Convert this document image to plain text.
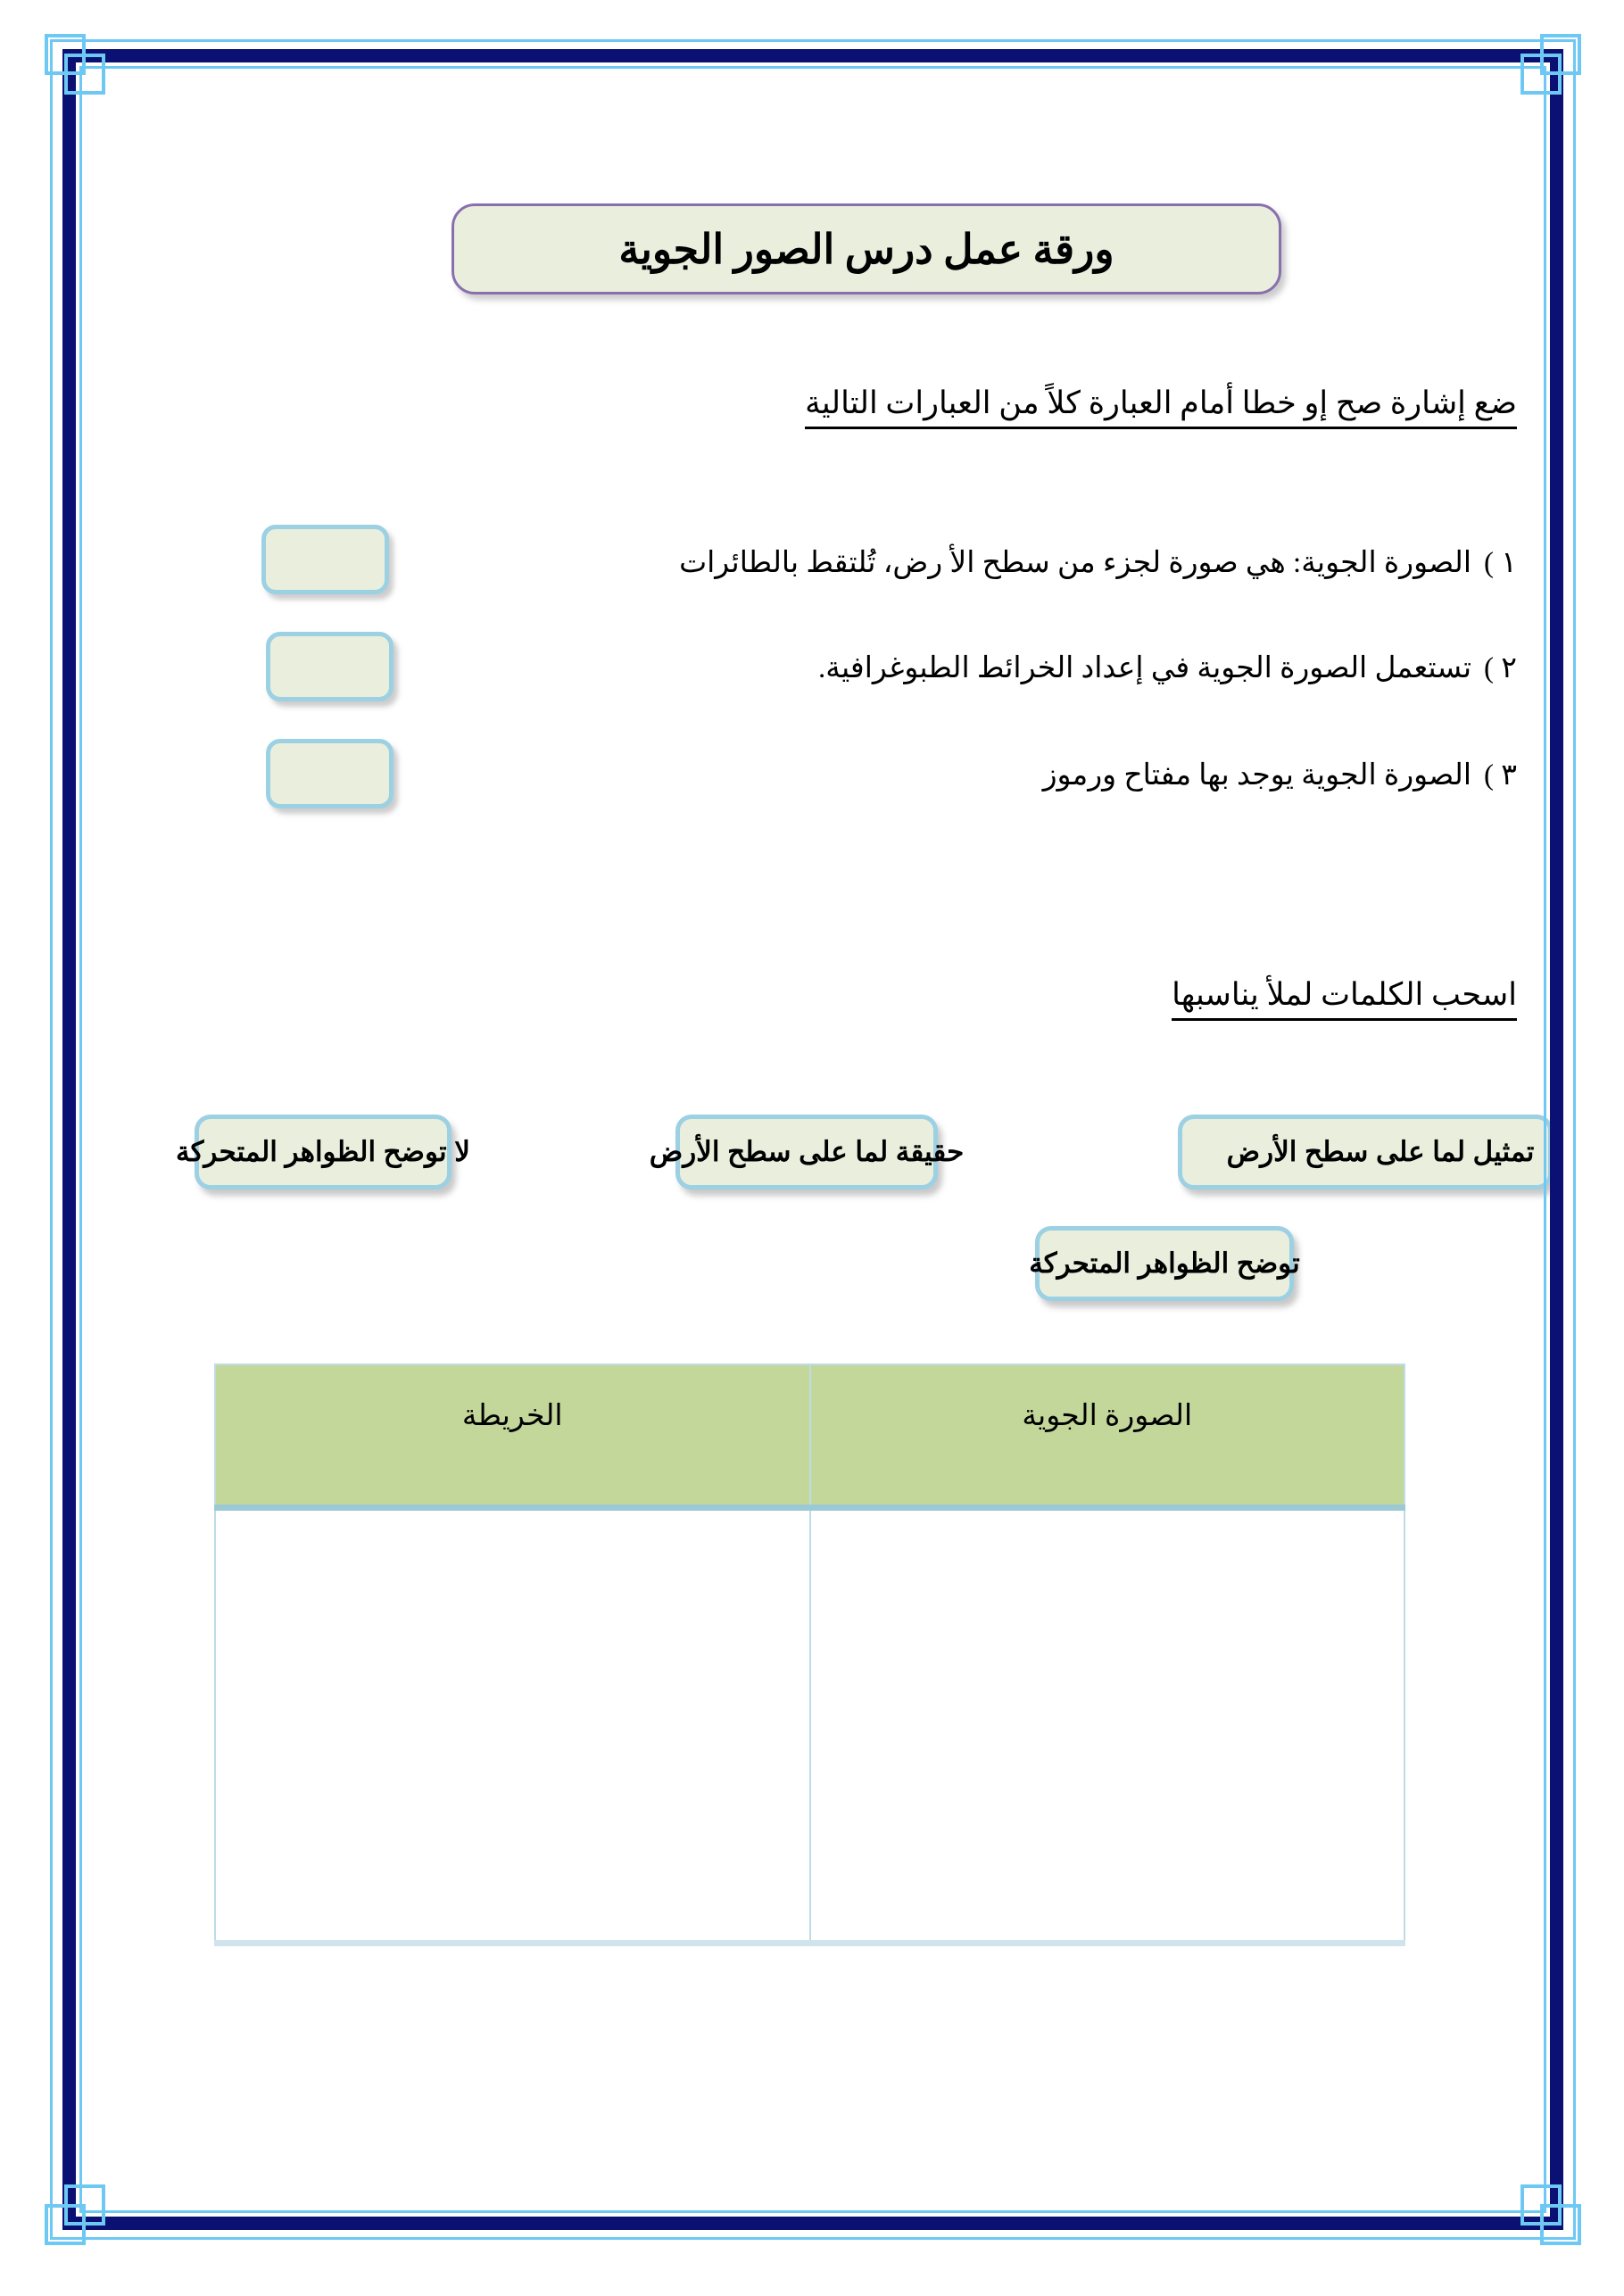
ورقة عمل درس الصور الجوية
ضع إشارة صح إو خطا أمام العبارة كلاً من العبارات التالية
١ )
الصورة الجوية: هي صورة لجزء من سطح الأ رض، تُلتقط بالطائرات
٢ )
تستعمل الصورة الجوية في إعداد الخرائط الطبوغرافية.
٣ )
الصورة الجوية يوجد بها مفتاح ورموز
اسحب الكلمات لملأ يناسبها
لا توضح الظواهر المتحركة	حقيقة لما على سطح الأرض	تمثيل لما على سطح الأرض
توضح الظواهر المتحركة
الصورة الجوية	الخريطة
